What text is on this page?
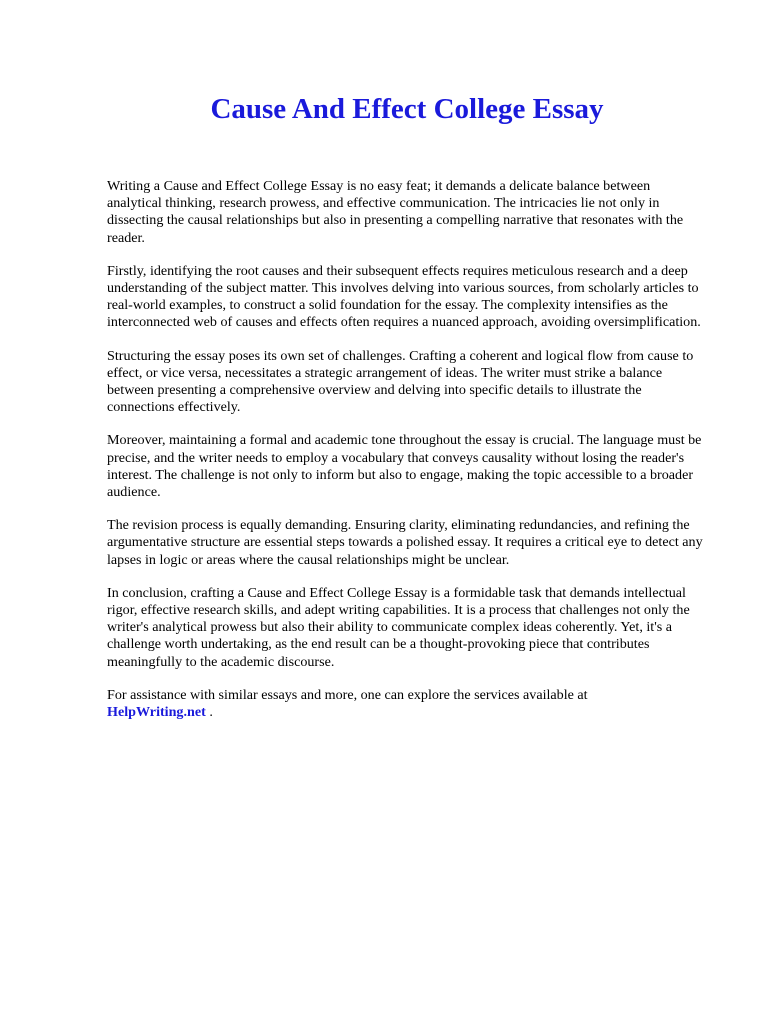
Cause And Effect College Essay

Writing a Cause and Effect College Essay is no easy feat; it demands a delicate balance between analytical thinking, research prowess, and effective communication. The intricacies lie not only in dissecting the causal relationships but also in presenting a compelling narrative that resonates with the reader.

Firstly, identifying the root causes and their subsequent effects requires meticulous research and a deep understanding of the subject matter. This involves delving into various sources, from scholarly articles to real-world examples, to construct a solid foundation for the essay. The complexity intensifies as the interconnected web of causes and effects often requires a nuanced approach, avoiding oversimplification.

Structuring the essay poses its own set of challenges. Crafting a coherent and logical flow from cause to effect, or vice versa, necessitates a strategic arrangement of ideas. The writer must strike a balance between presenting a comprehensive overview and delving into specific details to illustrate the connections effectively.

Moreover, maintaining a formal and academic tone throughout the essay is crucial. The language must be precise, and the writer needs to employ a vocabulary that conveys causality without losing the reader's interest. The challenge is not only to inform but also to engage, making the topic accessible to a broader audience.

The revision process is equally demanding. Ensuring clarity, eliminating redundancies, and refining the argumentative structure are essential steps towards a polished essay. It requires a critical eye to detect any lapses in logic or areas where the causal relationships might be unclear.

In conclusion, crafting a Cause and Effect College Essay is a formidable task that demands intellectual rigor, effective research skills, and adept writing capabilities. It is a process that challenges not only the writer's analytical prowess but also their ability to communicate complex ideas coherently. Yet, it's a challenge worth undertaking, as the end result can be a thought-provoking piece that contributes meaningfully to the academic discourse.

For assistance with similar essays and more, one can explore the services available at
HelpWriting.net .
